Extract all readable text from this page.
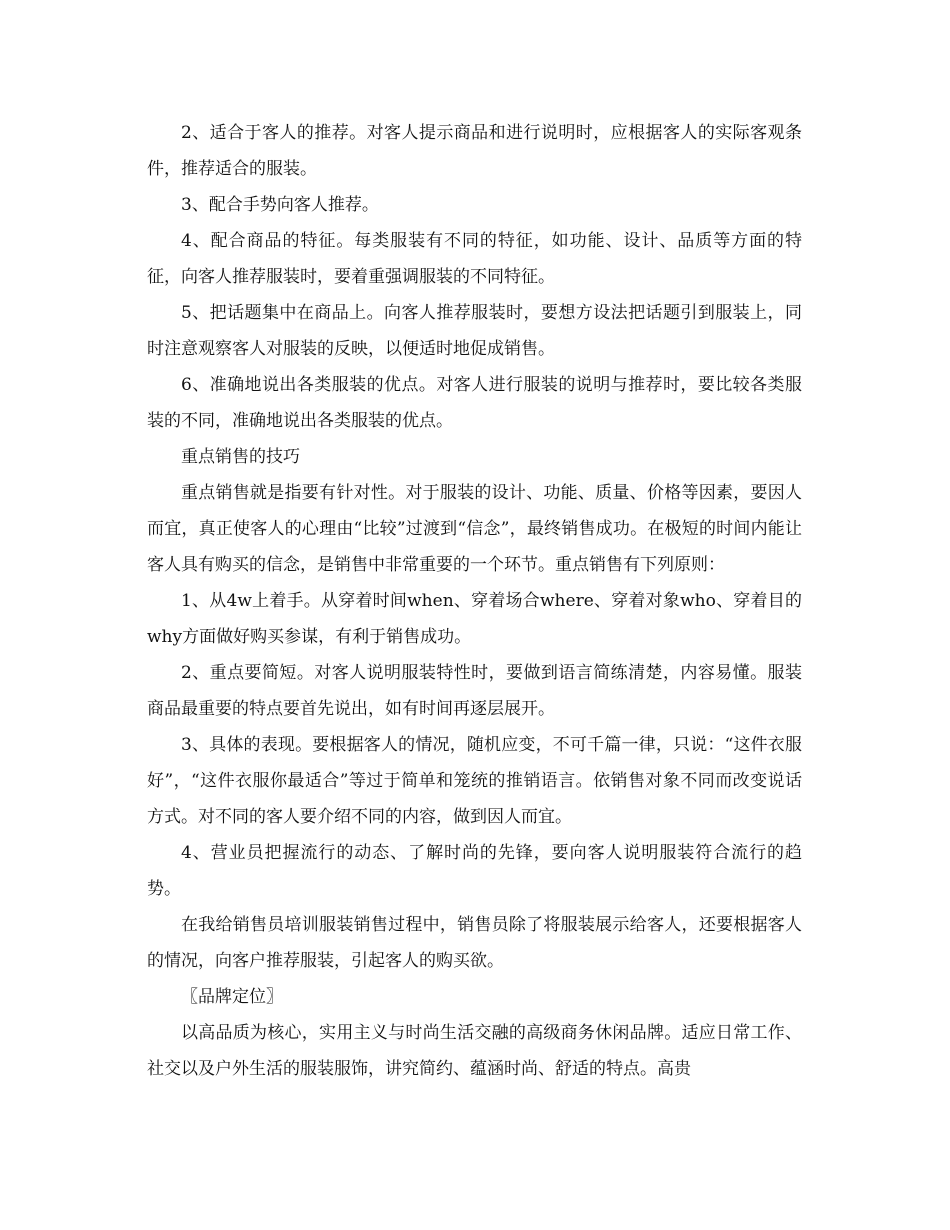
2、适合于客人的推荐。对客人提示商品和进行说明时，应根据客人的实际客观条件，推荐适合的服装。

3、配合手势向客人推荐。

4、配合商品的特征。每类服装有不同的特征，如功能、设计、品质等方面的特征，向客人推荐服装时，要着重强调服装的不同特征。

5、把话题集中在商品上。向客人推荐服装时，要想方设法把话题引到服装上，同时注意观察客人对服装的反映，以便适时地促成销售。

6、准确地说出各类服装的优点。对客人进行服装的说明与推荐时，要比较各类服装的不同，准确地说出各类服装的优点。

重点销售的技巧

重点销售就是指要有针对性。对于服装的设计、功能、质量、价格等因素，要因人而宜，真正使客人的心理由“比较”过渡到“信念”，最终销售成功。在极短的时间内能让客人具有购买的信念，是销售中非常重要的一个环节。重点销售有下列原则：

1、从4w上着手。从穿着时间when、穿着场合where、穿着对象who、穿着目的why方面做好购买参谋，有利于销售成功。

2、重点要简短。对客人说明服装特性时，要做到语言简练清楚，内容易懂。服装商品最重要的特点要首先说出，如有时间再逐层展开。

3、具体的表现。要根据客人的情况，随机应变，不可千篇一律，只说：“这件衣服好”，“这件衣服你最适合”等过于简单和笼统的推销语言。依销售对象不同而改变说话方式。对不同的客人要介绍不同的内容，做到因人而宜。

4、营业员把握流行的动态、了解时尚的先锋，要向客人说明服装符合流行的趋势。

在我给销售员培训服装销售过程中，销售员除了将服装展示给客人，还要根据客人的情况，向客户推荐服装，引起客人的购买欲。

〖品牌定位〗

以高品质为核心，实用主义与时尚生活交融的高级商务休闲品牌。适应日常工作、社交以及户外生活的服装服饰，讲究简约、蕴涵时尚、舒适的特点。高贵
